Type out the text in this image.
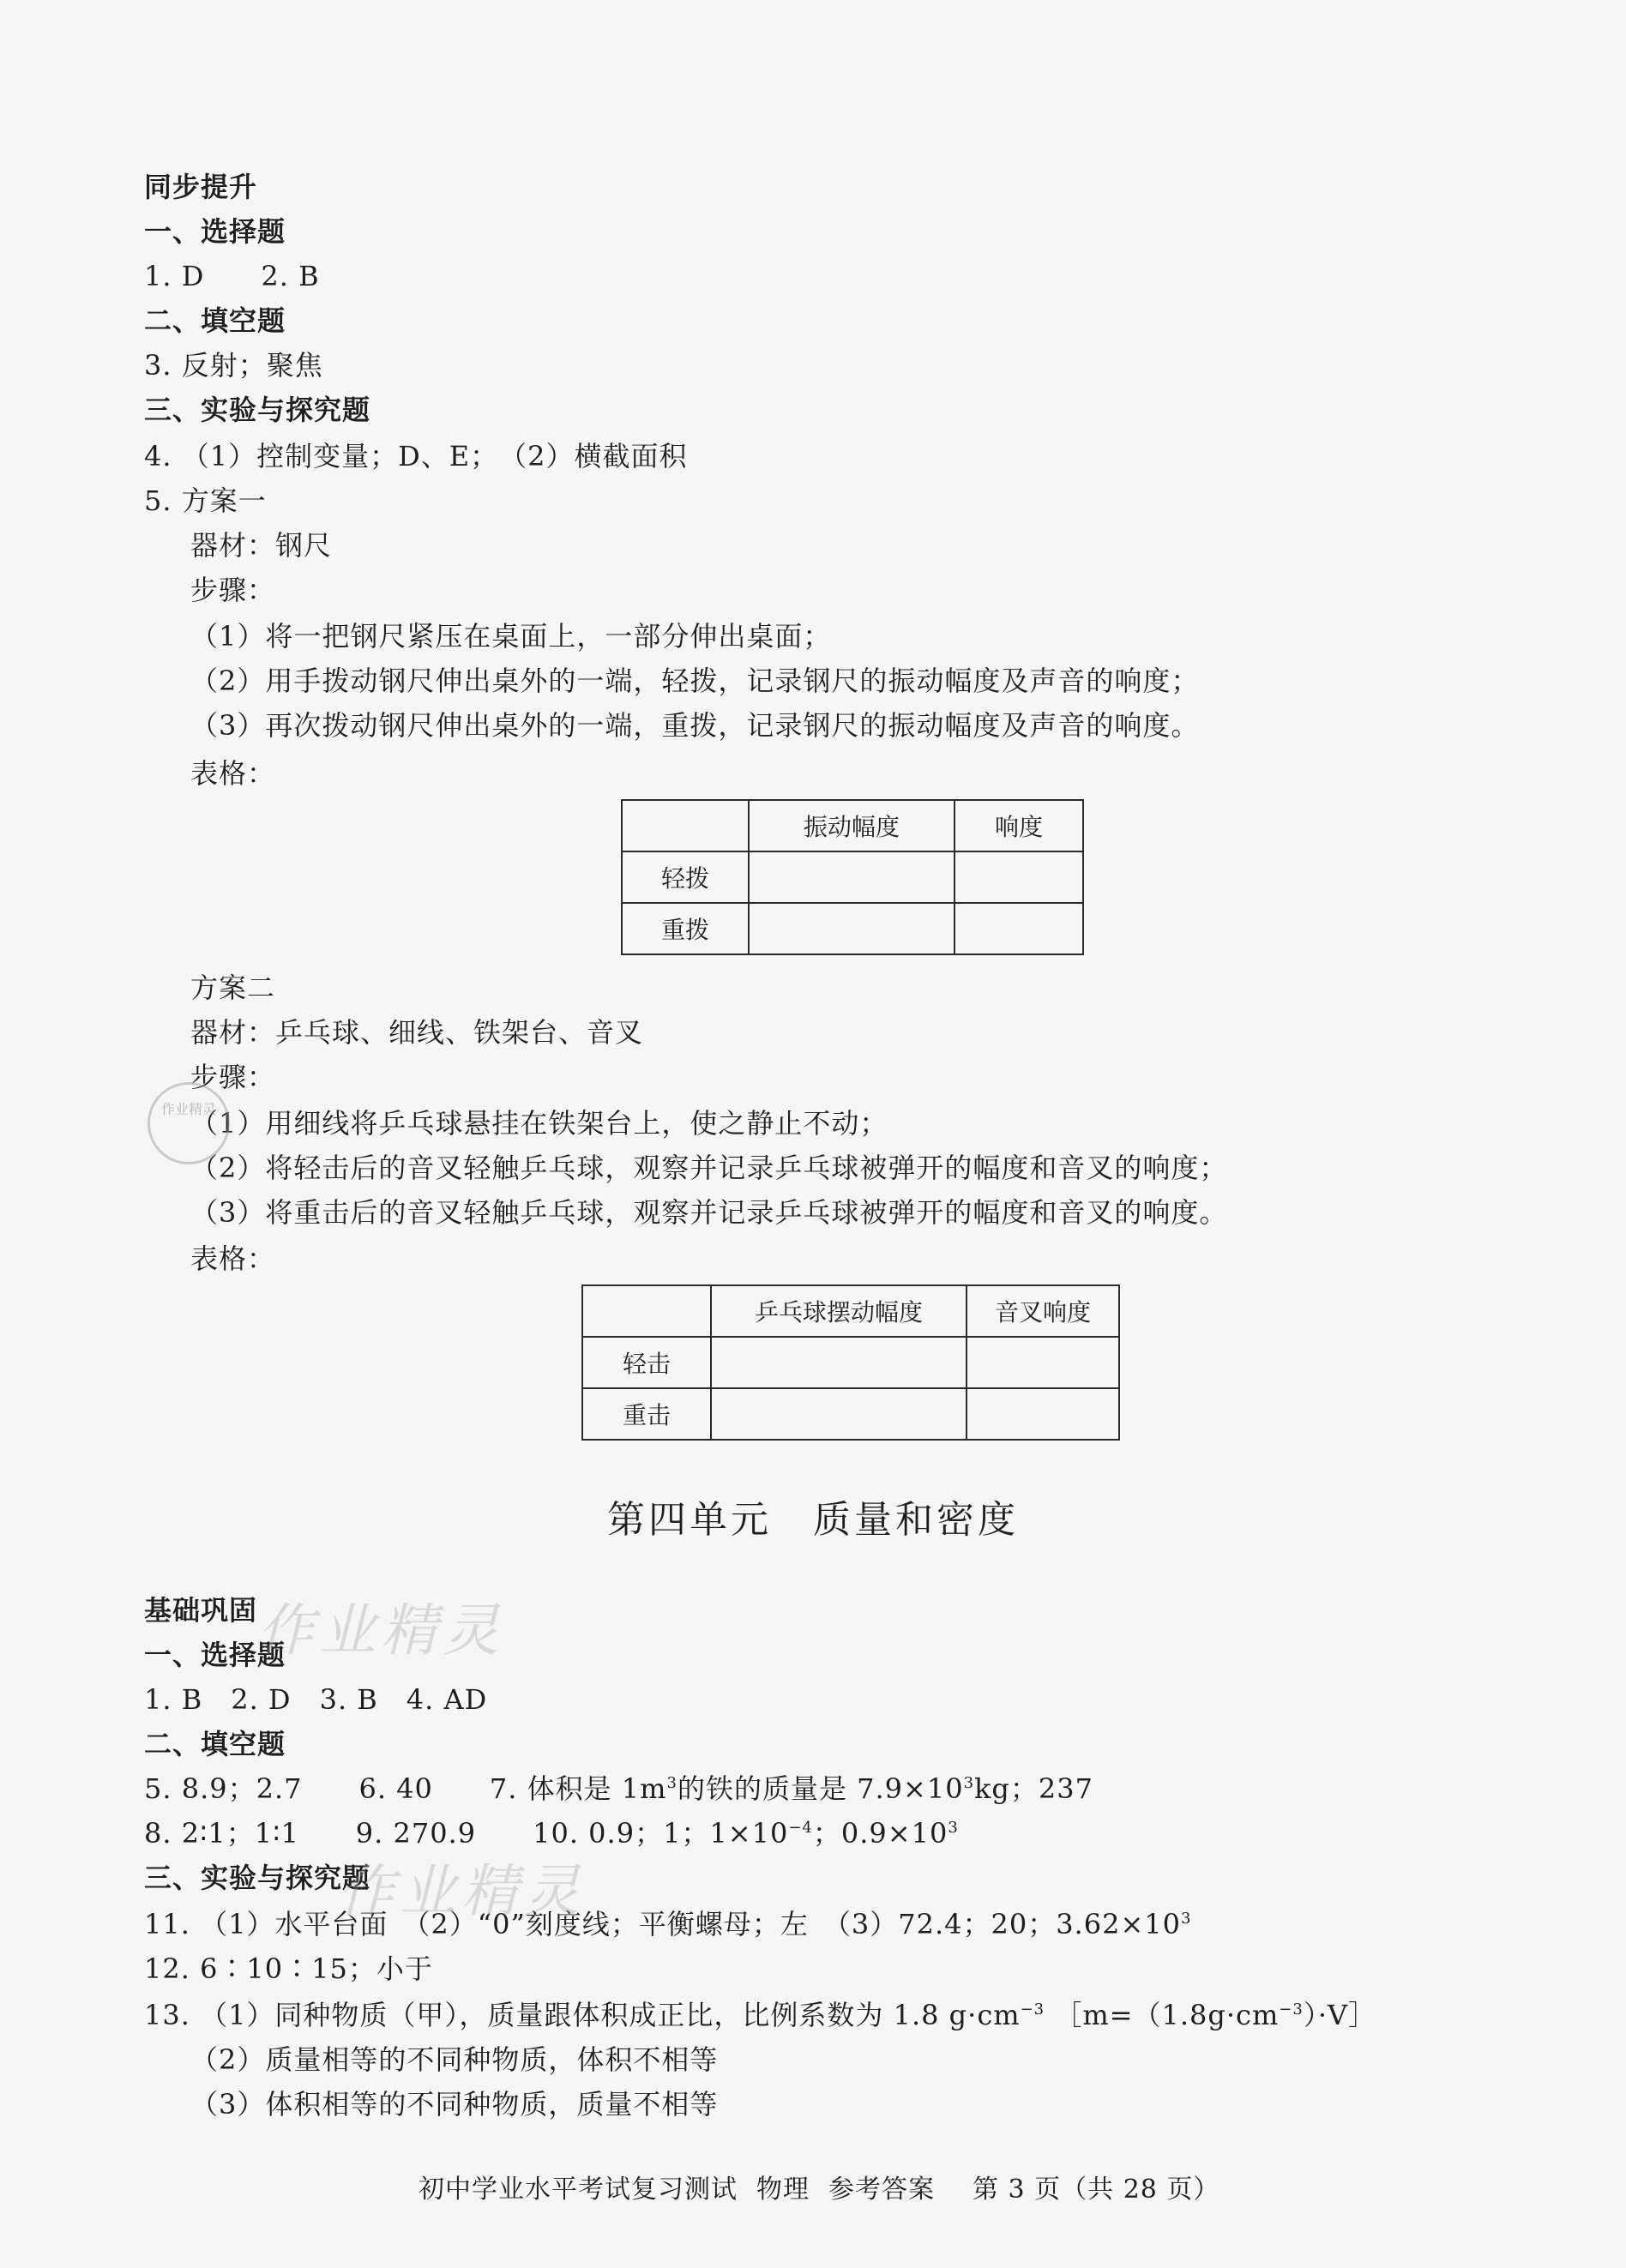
同步提升
一、选择题
1. D　　2. B
二、填空题
3. 反射；聚焦
三、实验与探究题
4. （1）控制变量；D、E；　（2）横截面积
5. 方案一
器材：钢尺
步骤：
（1）将一把钢尺紧压在桌面上，一部分伸出桌面；
（2）用手拨动钢尺伸出桌外的一端，轻拨，记录钢尺的振动幅度及声音的响度；
（3）再次拨动钢尺伸出桌外的一端，重拨，记录钢尺的振动幅度及声音的响度。
表格：
	振动幅度	响度
轻拨		
重拨		
方案二
器材：乒乓球、细线、铁架台、音叉
步骤：
（1）用细线将乒乓球悬挂在铁架台上，使之静止不动；
（2）将轻击后的音叉轻触乒乓球，观察并记录乒乓球被弹开的幅度和音叉的响度；
（3）将重击后的音叉轻触乒乓球，观察并记录乒乓球被弹开的幅度和音叉的响度。
表格：
	乒乓球摆动幅度	音叉响度
轻击		
重击		
第四单元 质量和密度
基础巩固
一、选择题
1. B　2. D　3. B　4. AD
二、填空题
5. 8.9；2.7　　6. 40　　7. 体积是 $1m^3$的铁的质量是 $7.9\times 10^3kg$；237
8. 2∶1；1∶1　　9. 270.9　　10. 0.9；1；$1\times 10^{-4}$；$0.9\times 10^3$
三、实验与探究题
11. （1）水平台面　（2）“0”刻度线；平衡螺母；左　（3）72.4；20；$3.62\times 10^3$
12. 6∶10∶15；小于
13. （1）同种物质（甲），质量跟体积成正比，比例系数为 1.8 $g\cdot cm^{-3}$ $[m=(1.8g\cdot cm^{-3})\cdot V]$
（2）质量相等的不同种物质，体积不相等
（3）体积相等的不同种物质，质量不相等
作业精灵
作业精灵
作业精灵
初中学业水平考试复习测试 物理 参考答案 第 3 页（共 28 页）
